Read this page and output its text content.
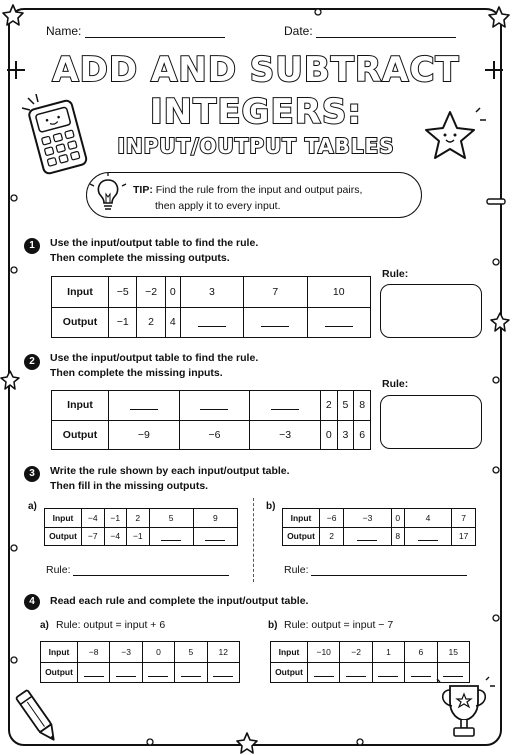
Name:	Date:
ADD AND SUBTRACT
INTEGERS:
INPUT/OUTPUT TABLES
TIP: Find the rule from the input and output pairs,
then apply it to every input.
1	Use the input/output table to find the rule.
Then complete the missing outputs.
Input	−5	−2	0	3	7	10
Output	−1	2	4			
Rule:
2	Use the input/output table to find the rule.
Then complete the missing inputs.
Input				2	5	8
Output	−9	−6	−3	0	3	6
Rule:
3	Write the rule shown by each input/output table.
Then fill in the missing outputs.
a)
Input	−4	−1	2	5	9
Output	−7	−4	−1		
Rule:
b)
Input	−6	−3	0	4	7
Output	2		8		17
Rule:
4	Read each rule and complete the input/output table.
a) Rule: output = input + 6
Input	−8	−3	0	5	12
Output					
b) Rule: output = input − 7
Input	−10	−2	1	6	15
Output					
